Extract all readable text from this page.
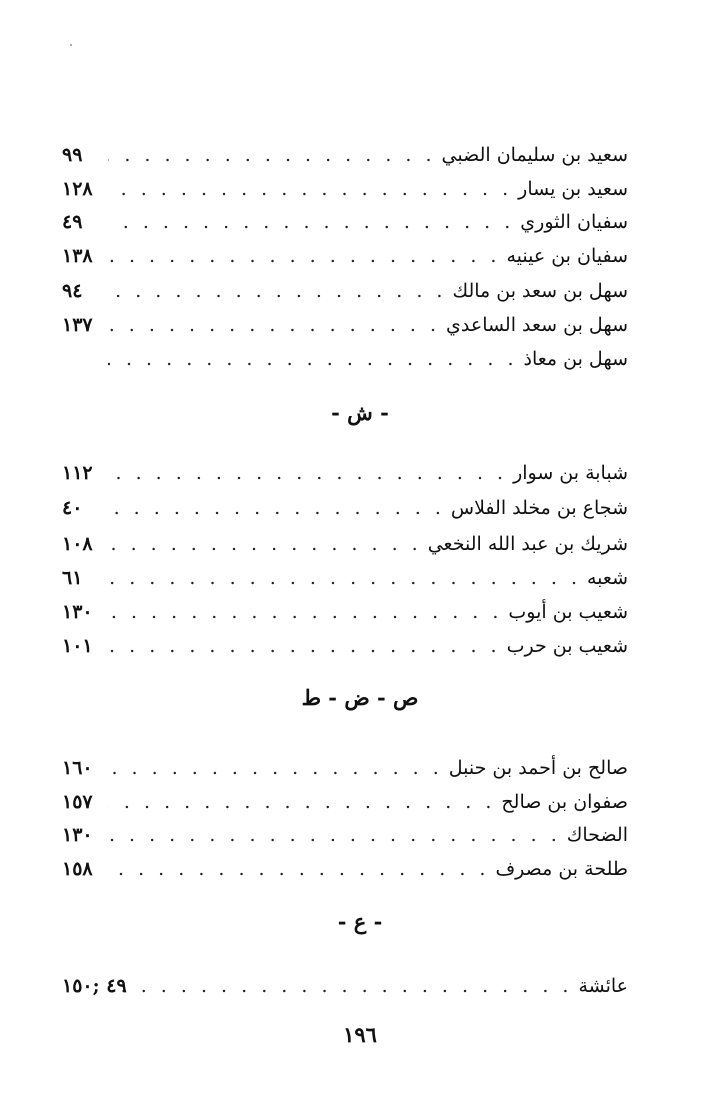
سعيد بن سليمان الضبي
. . .
٩٩
سعيد بن يسار
. . .
١٢٨
سفيان الثوري
. . .
٤٩
سفيان بن عينيه
. . .
١٣٨
سهل بن سعد بن مالك
. . .
٩٤
سهل بن سعد الساعدي
. . .
١٣٧
سهل بن معاذ
. . .
- ش -
شبابة بن سوار
. . .
١١٢
شجاع بن مخلد الفلاس
. . .
٤٠
شريك بن عبد الله النخعي
. . .
١٠٨
شعبه
. . .
٦١
شعيب بن أيوب
. . .
١٣٠
شعيب بن حرب
. . .
١٠١
ص - ض - ط
صالح بن أحمد بن حنبل
. . .
١٦٠
صفوان بن صالح
. . .
١٥٧
الضحاك
. . .
١٣٠
طلحة بن مصرف
. . .
١٥٨
- ع -
عائشة
. . .
٤٩ ;١٥٠
١٩٦
